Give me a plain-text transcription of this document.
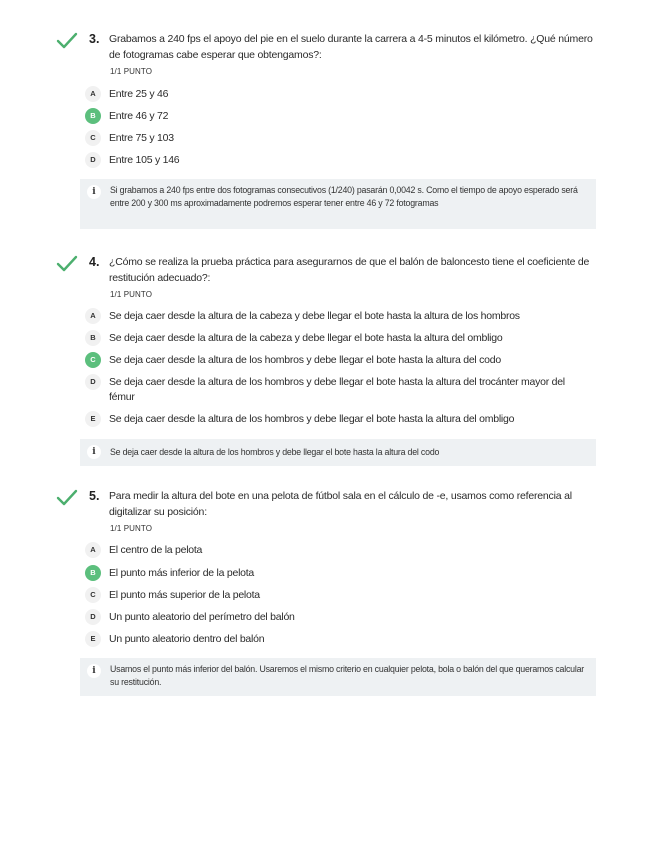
3. Grabamos a 240 fps el apoyo del pie en el suelo durante la carrera a 4-5 minutos el kilómetro. ¿Qué número de fotogramas cabe esperar que obtengamos?:

1/1 PUNTO
A	Entre 25 y 46
B	Entre 46 y 72
C	Entre 75 y 103
D	Entre 105 y 146
i	Si grabamos a 240 fps entre dos fotogramas consecutivos (1/240) pasarán 0,0042 s. Como el tiempo de apoyo esperado será entre 200 y 300 ms aproximadamente podremos esperar tener entre 46 y 72 fotogramas

4. ¿Cómo se realiza la prueba práctica para asegurarnos de que el balón de baloncesto tiene el coeficiente de restitución adecuado?:

1/1 PUNTO
A	Se deja caer desde la altura de la cabeza y debe llegar el bote hasta la altura de los hombros
B	Se deja caer desde la altura de la cabeza y debe llegar el bote hasta la altura del ombligo
C	Se deja caer desde la altura de los hombros y debe llegar el bote hasta la altura del codo
D	Se deja caer desde la altura de los hombros y debe llegar el bote hasta la altura del trocánter mayor del fémur
E	Se deja caer desde la altura de los hombros y debe llegar el bote hasta la altura del ombligo
i	Se deja caer desde la altura de los hombros y debe llegar el bote hasta la altura del codo

5. Para medir la altura del bote en una pelota de fútbol sala en el cálculo de -e, usamos como referencia al digitalizar su posición:

1/1 PUNTO
A	El centro de la pelota
B	El punto más inferior de la pelota
C	El punto más superior de la pelota
D	Un punto aleatorio del perímetro del balón
E	Un punto aleatorio dentro del balón
i	Usamos el punto más inferior del balón. Usaremos el mismo criterio en cualquier pelota, bola o balón del que queramos calcular su restitución.
